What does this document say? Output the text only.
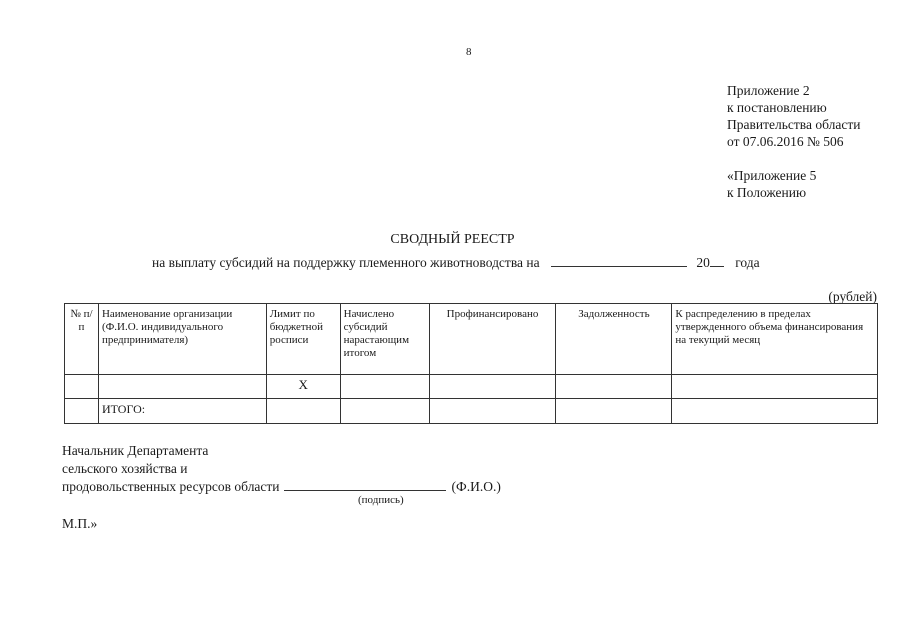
8
Приложение 2
к постановлению
Правительства области
от 07.06.2016 № 506
«Приложение 5
к Положению
СВОДНЫЙ РЕЕСТР
на выплату субсидий на поддержку племенного животноводства на	20 года
(рублей)
№ п/п	Наименование организации (Ф.И.О. индивидуального предпринимателя)	Лимит по бюджетной росписи	Начислено субсидий нарастающим итогом	Профинансировано	Задолженность	К распределению в пределах утвержденного объема финансирования на текущий месяц
		Х				
	ИТОГО:					
Начальник Департамента
сельского хозяйства и
продовольственных ресурсов области	(Ф.И.О.)
(подпись)
М.П.»
